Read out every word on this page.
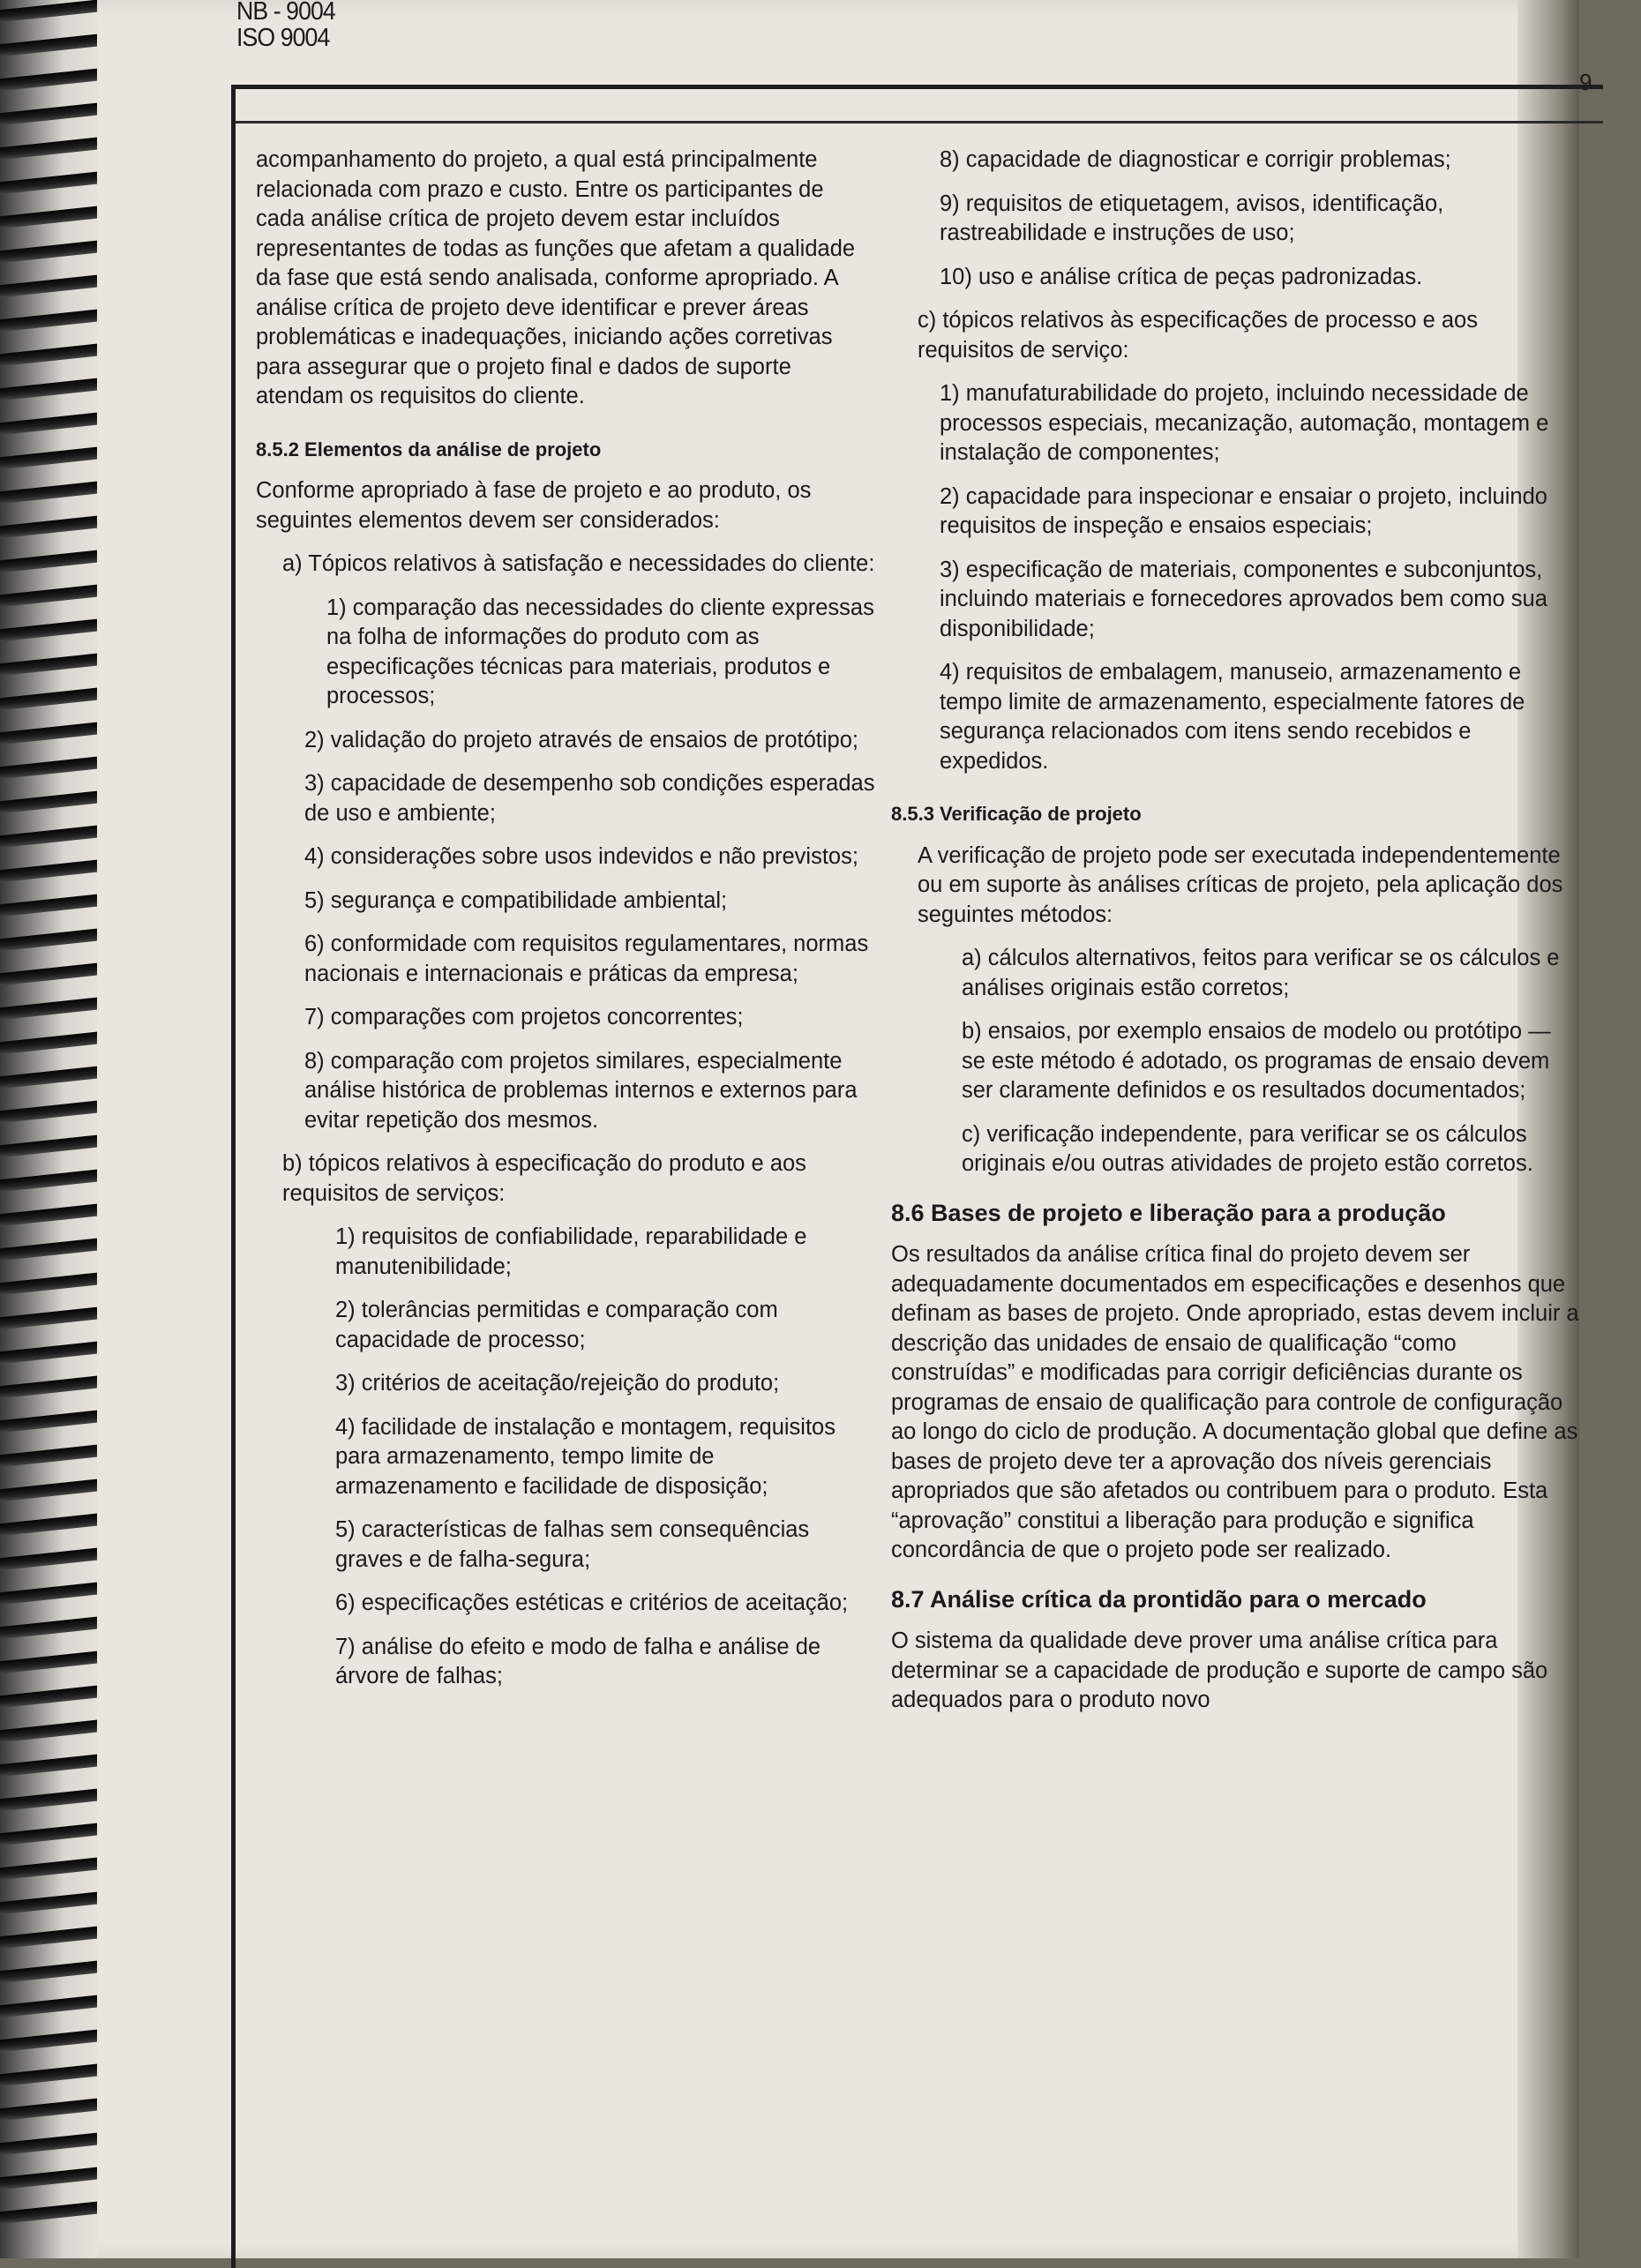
NB - 9004
ISO 9004
9

acompanhamento do projeto, a qual está principalmente relacionada com prazo e custo. Entre os participantes de cada análise crítica de projeto devem estar incluídos representantes de todas as funções que afetam a qualidade da fase que está sendo analisada, conforme apropriado. A análise crítica de projeto deve identificar e prever áreas problemáticas e inadequações, iniciando ações corretivas para assegurar que o projeto final e dados de suporte atendam os requisitos do cliente.

8.5.2 Elementos da análise de projeto

Conforme apropriado à fase de projeto e ao produto, os seguintes elementos devem ser considerados:

a) Tópicos relativos à satisfação e necessidades do cliente:

1) comparação das necessidades do cliente expressas na folha de informações do produto com as especificações técnicas para materiais, produtos e processos;

2) validação do projeto através de ensaios de protótipo;

3) capacidade de desempenho sob condições esperadas de uso e ambiente;

4) considerações sobre usos indevidos e não previstos;

5) segurança e compatibilidade ambiental;

6) conformidade com requisitos regulamentares, normas nacionais e internacionais e práticas da empresa;

7) comparações com projetos concorrentes;

8) comparação com projetos similares, especialmente análise histórica de problemas internos e externos para evitar repetição dos mesmos.

b) tópicos relativos à especificação do produto e aos requisitos de serviços:

1) requisitos de confiabilidade, reparabilidade e manutenibilidade;

2) tolerâncias permitidas e comparação com capacidade de processo;

3) critérios de aceitação/rejeição do produto;

4) facilidade de instalação e montagem, requisitos para armazenamento, tempo limite de armazenamento e facilidade de disposição;

5) características de falhas sem consequências graves e de falha-segura;

6) especificações estéticas e critérios de aceitação;

7) análise do efeito e modo de falha e análise de árvore de falhas;

8) capacidade de diagnosticar e corrigir problemas;

9) requisitos de etiquetagem, avisos, identificação, rastreabilidade e instruções de uso;

10) uso e análise crítica de peças padronizadas.

c) tópicos relativos às especificações de processo e aos requisitos de serviço:

1) manufaturabilidade do projeto, incluindo necessidade de processos especiais, mecanização, automação, montagem e instalação de componentes;

2) capacidade para inspecionar e ensaiar o projeto, incluindo requisitos de inspeção e ensaios especiais;

3) especificação de materiais, componentes e subconjuntos, incluindo materiais e fornecedores aprovados bem como sua disponibilidade;

4) requisitos de embalagem, manuseio, armazenamento e tempo limite de armazenamento, especialmente fatores de segurança relacionados com itens sendo recebidos e expedidos.

8.5.3 Verificação de projeto

A verificação de projeto pode ser executada independentemente ou em suporte às análises críticas de projeto, pela aplicação dos seguintes métodos:

a) cálculos alternativos, feitos para verificar se os cálculos e análises originais estão corretos;

b) ensaios, por exemplo ensaios de modelo ou protótipo — se este método é adotado, os programas de ensaio devem ser claramente definidos e os resultados documentados;

c) verificação independente, para verificar se os cálculos originais e/ou outras atividades de projeto estão corretos.

8.6 Bases de projeto e liberação para a produção

Os resultados da análise crítica final do projeto devem ser adequadamente documentados em especificações e desenhos que definam as bases de projeto. Onde apropriado, estas devem incluir a descrição das unidades de ensaio de qualificação “como construídas” e modificadas para corrigir deficiências durante os programas de ensaio de qualificação para controle de configuração ao longo do ciclo de produção. A documentação global que define as bases de projeto deve ter a aprovação dos níveis gerenciais apropriados que são afetados ou contribuem para o produto. Esta “aprovação” constitui a liberação para produção e significa concordância de que o projeto pode ser realizado.

8.7 Análise crítica da prontidão para o mercado

O sistema da qualidade deve prover uma análise crítica para determinar se a capacidade de produção e suporte de campo são adequados para o produto novo
